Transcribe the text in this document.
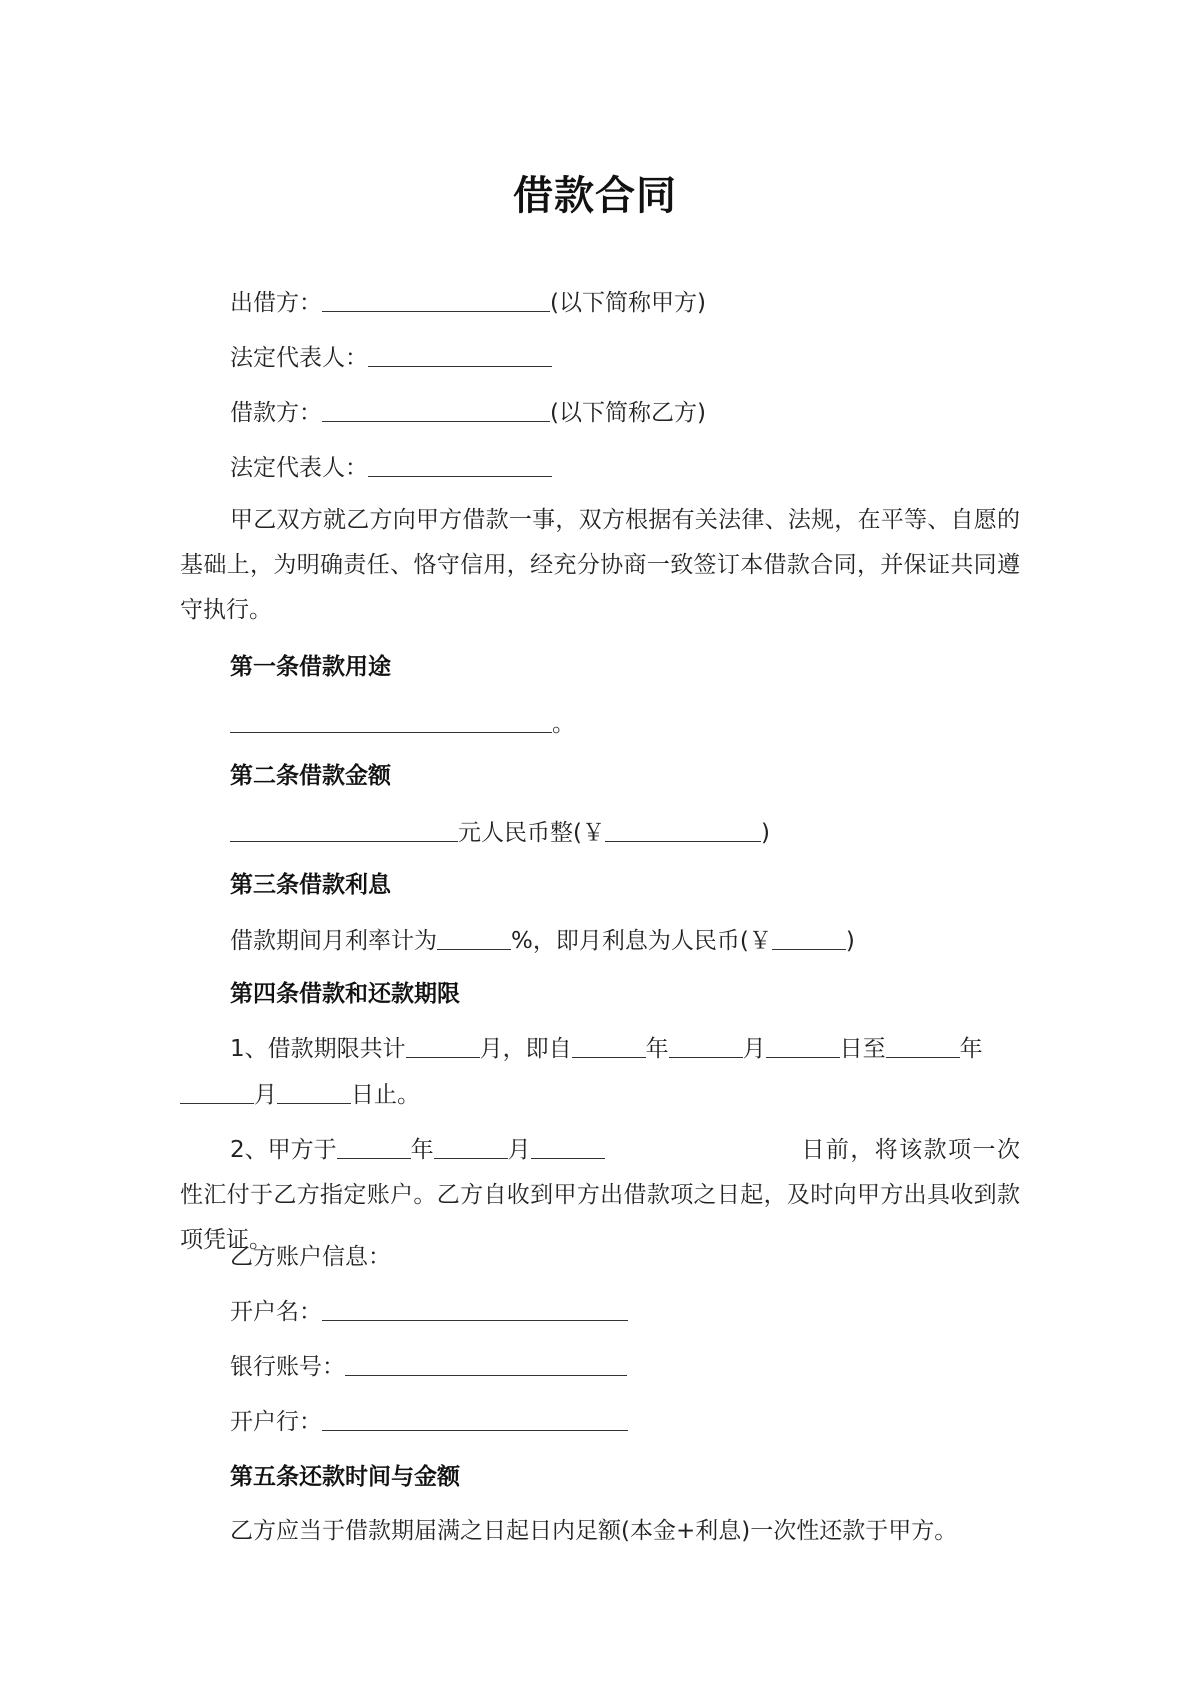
借款合同
出借方：	(以下简称甲方)
法定代表人：
借款方：	(以下简称乙方)
法定代表人：
甲乙双方就乙方向甲方借款一事，双方根据有关法律、法规，在平等、自愿的基础上，为明确责任、恪守信用，经充分协商一致签订本借款合同，并保证共同遵守执行。
第一条借款用途
。
第二条借款金额
元人民币整(￥	)
第三条借款利息
借款期间月利率计为	%，即月利息为人民币(￥	)
第四条借款和还款期限
1、借款期限共计	月，即自	年	月	日至	年
月	日止。
2、甲方于	年	月	日前，将该款项一次性汇付于乙方指定账户。乙方自收到甲方出借款项之日起，及时向甲方出具收到款项凭证。
乙方账户信息：
开户名：
银行账号：
开户行：
第五条还款时间与金额
乙方应当于借款期届满之日起日内足额(本金+利息)一次性还款于甲方。
